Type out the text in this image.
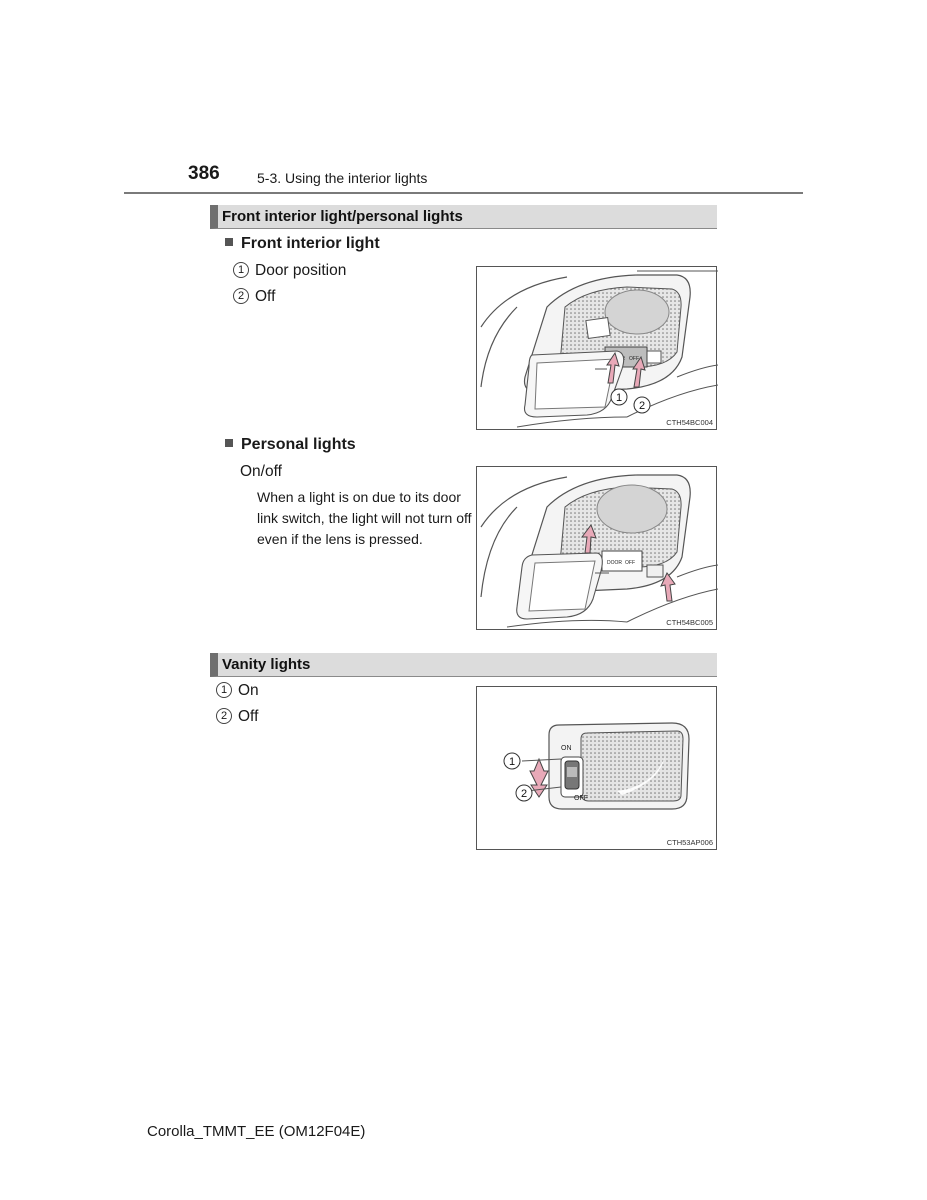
386	5-3. Using the interior lights
Front interior light/personal lights
Front interior light
1 Door position
2 Off
OFF
1
2
CTH54BC004
Personal lights
On/off
When a light is on due to its door link switch, the light will not turn off even if the lens is pressed.
DOOR OFF
CTH54BC005
Vanity lights
1 On
2 Off
ON
OFF
1
2
CTH53AP006
Corolla_TMMT_EE (OM12F04E)
